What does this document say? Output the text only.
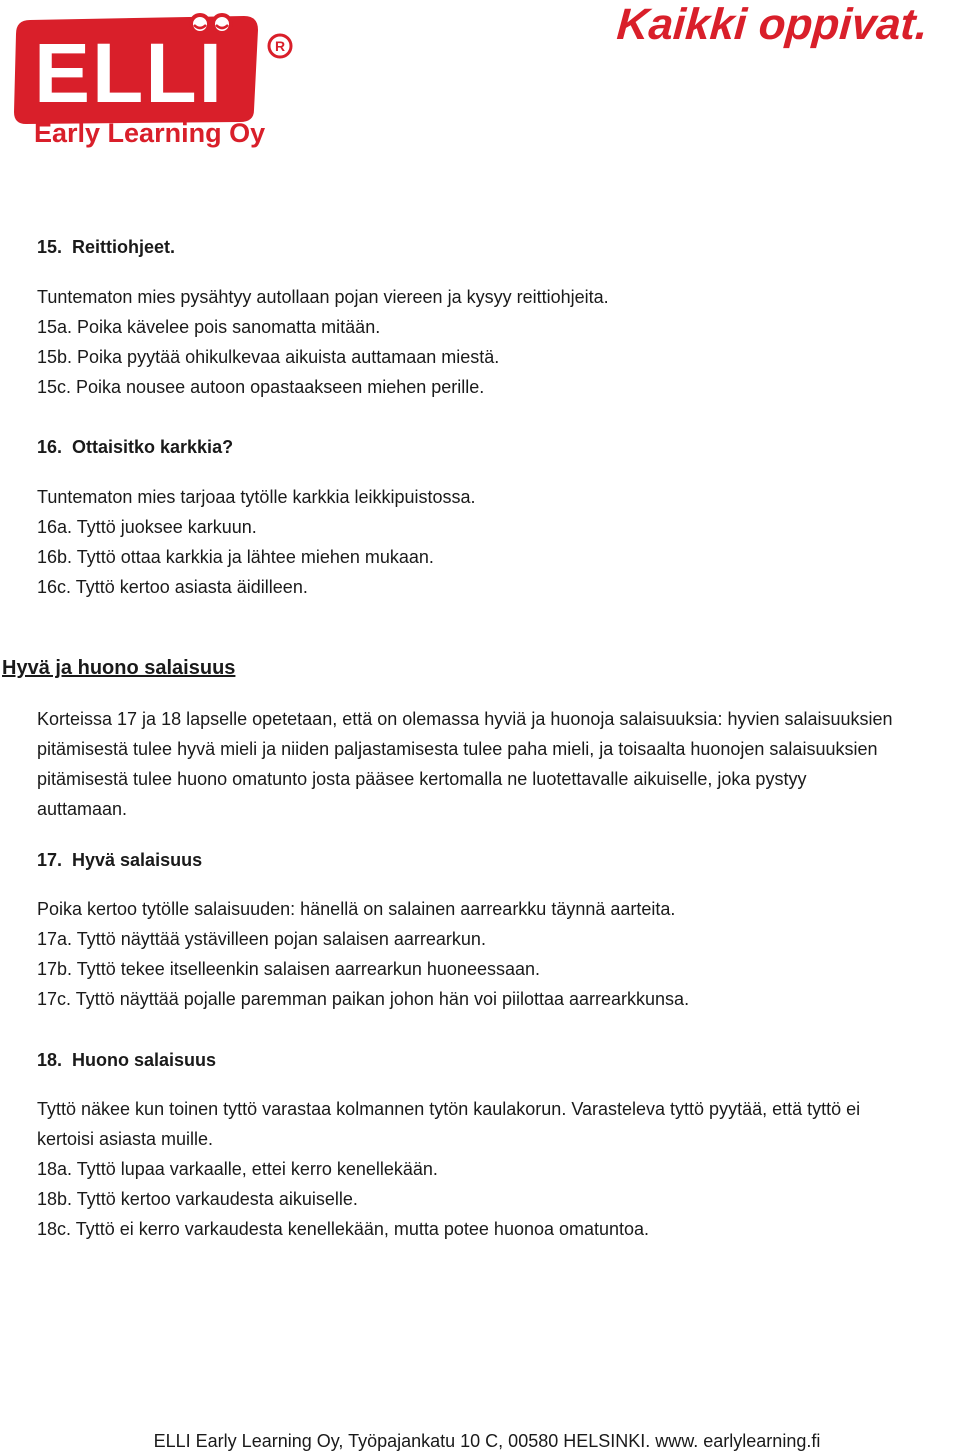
R
ELLI
Early Learning Oy
Kaikki oppivat.
15. Reittiohjeet.
Tuntematon mies pysähtyy autollaan pojan viereen ja kysyy reittiohjeita.
15a. Poika kävelee pois sanomatta mitään.
15b. Poika pyytää ohikulkevaa aikuista auttamaan miestä.
15c. Poika nousee autoon opastaakseen miehen perille.
16. Ottaisitko karkkia?
Tuntematon mies tarjoaa tytölle karkkia leikkipuistossa.
16a. Tyttö juoksee karkuun.
16b. Tyttö ottaa karkkia ja lähtee miehen mukaan.
16c. Tyttö kertoo asiasta äidilleen.
Hyvä ja huono salaisuus
Korteissa 17 ja 18 lapselle opetetaan, että on olemassa hyviä ja huonoja salaisuuksia: hyvien salaisuuksien
pitämisestä tulee hyvä mieli ja niiden paljastamisesta tulee paha mieli, ja toisaalta huonojen salaisuuksien
pitämisestä tulee huono omatunto josta pääsee kertomalla ne luotettavalle aikuiselle, joka pystyy
auttamaan.
17. Hyvä salaisuus
Poika kertoo tytölle salaisuuden: hänellä on salainen aarrearkku täynnä aarteita.
17a. Tyttö näyttää ystävilleen pojan salaisen aarrearkun.
17b. Tyttö tekee itselleenkin salaisen aarrearkun huoneessaan.
17c. Tyttö näyttää pojalle paremman paikan johon hän voi piilottaa aarrearkkunsa.
18. Huono salaisuus
Tyttö näkee kun toinen tyttö varastaa kolmannen tytön kaulakorun. Varasteleva tyttö pyytää, että tyttö ei
kertoisi asiasta muille.
18a. Tyttö lupaa varkaalle, ettei kerro kenellekään.
18b. Tyttö kertoo varkaudesta aikuiselle.
18c. Tyttö ei kerro varkaudesta kenellekään, mutta potee huonoa omatuntoa.
ELLI Early Learning Oy, Työpajankatu 10 C, 00580 HELSINKI. www. earlylearning.fi
